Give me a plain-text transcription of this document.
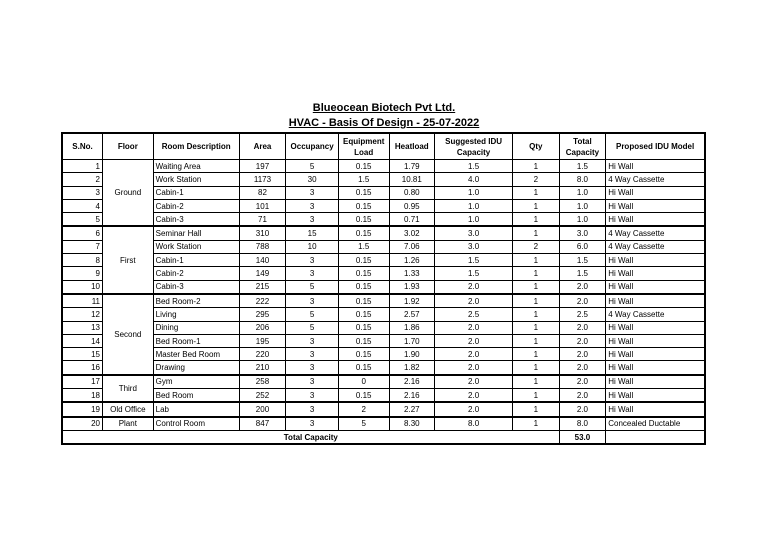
Blueocean Biotech Pvt Ltd.
HVAC - Basis Of Design - 25-07-2022
S.No.	Floor	Room Description	Area	Occupancy	Equipment Load	Heatload	Suggested IDU Capacity	Qty	Total Capacity	Proposed IDU Model
1	Ground	Waiting Area	197	5	0.15	1.79	1.5	1	1.5	Hi Wall
2		Work Station	1173	30	1.5	10.81	4.0	2	8.0	4 Way Cassette
3		Cabin-1	82	3	0.15	0.80	1.0	1	1.0	Hi Wall
4		Cabin-2	101	3	0.15	0.95	1.0	1	1.0	Hi Wall
5		Cabin-3	71	3	0.15	0.71	1.0	1	1.0	Hi Wall
6	First	Seminar Hall	310	15	0.15	3.02	3.0	1	3.0	4 Way Cassette
7		Work Station	788	10	1.5	7.06	3.0	2	6.0	4 Way Cassette
8		Cabin-1	140	3	0.15	1.26	1.5	1	1.5	Hi Wall
9		Cabin-2	149	3	0.15	1.33	1.5	1	1.5	Hi Wall
10		Cabin-3	215	5	0.15	1.93	2.0	1	2.0	Hi Wall
11	Second	Bed Room-2	222	3	0.15	1.92	2.0	1	2.0	Hi Wall
12		Living	295	5	0.15	2.57	2.5	1	2.5	4 Way Cassette
13		Dining	206	5	0.15	1.86	2.0	1	2.0	Hi Wall
14		Bed Room-1	195	3	0.15	1.70	2.0	1	2.0	Hi Wall
15		Master Bed Room	220	3	0.15	1.90	2.0	1	2.0	Hi Wall
16		Drawing	210	3	0.15	1.82	2.0	1	2.0	Hi Wall
17	Third	Gym	258	3	0	2.16	2.0	1	2.0	Hi Wall
18		Bed Room	252	3	0.15	2.16	2.0	1	2.0	Hi Wall
19	Old Office	Lab	200	3	2	2.27	2.0	1	2.0	Hi Wall
20	Plant	Control Room	847	3	5	8.30	8.0	1	8.0	Concealed Ductable
Total Capacity									53.0	
